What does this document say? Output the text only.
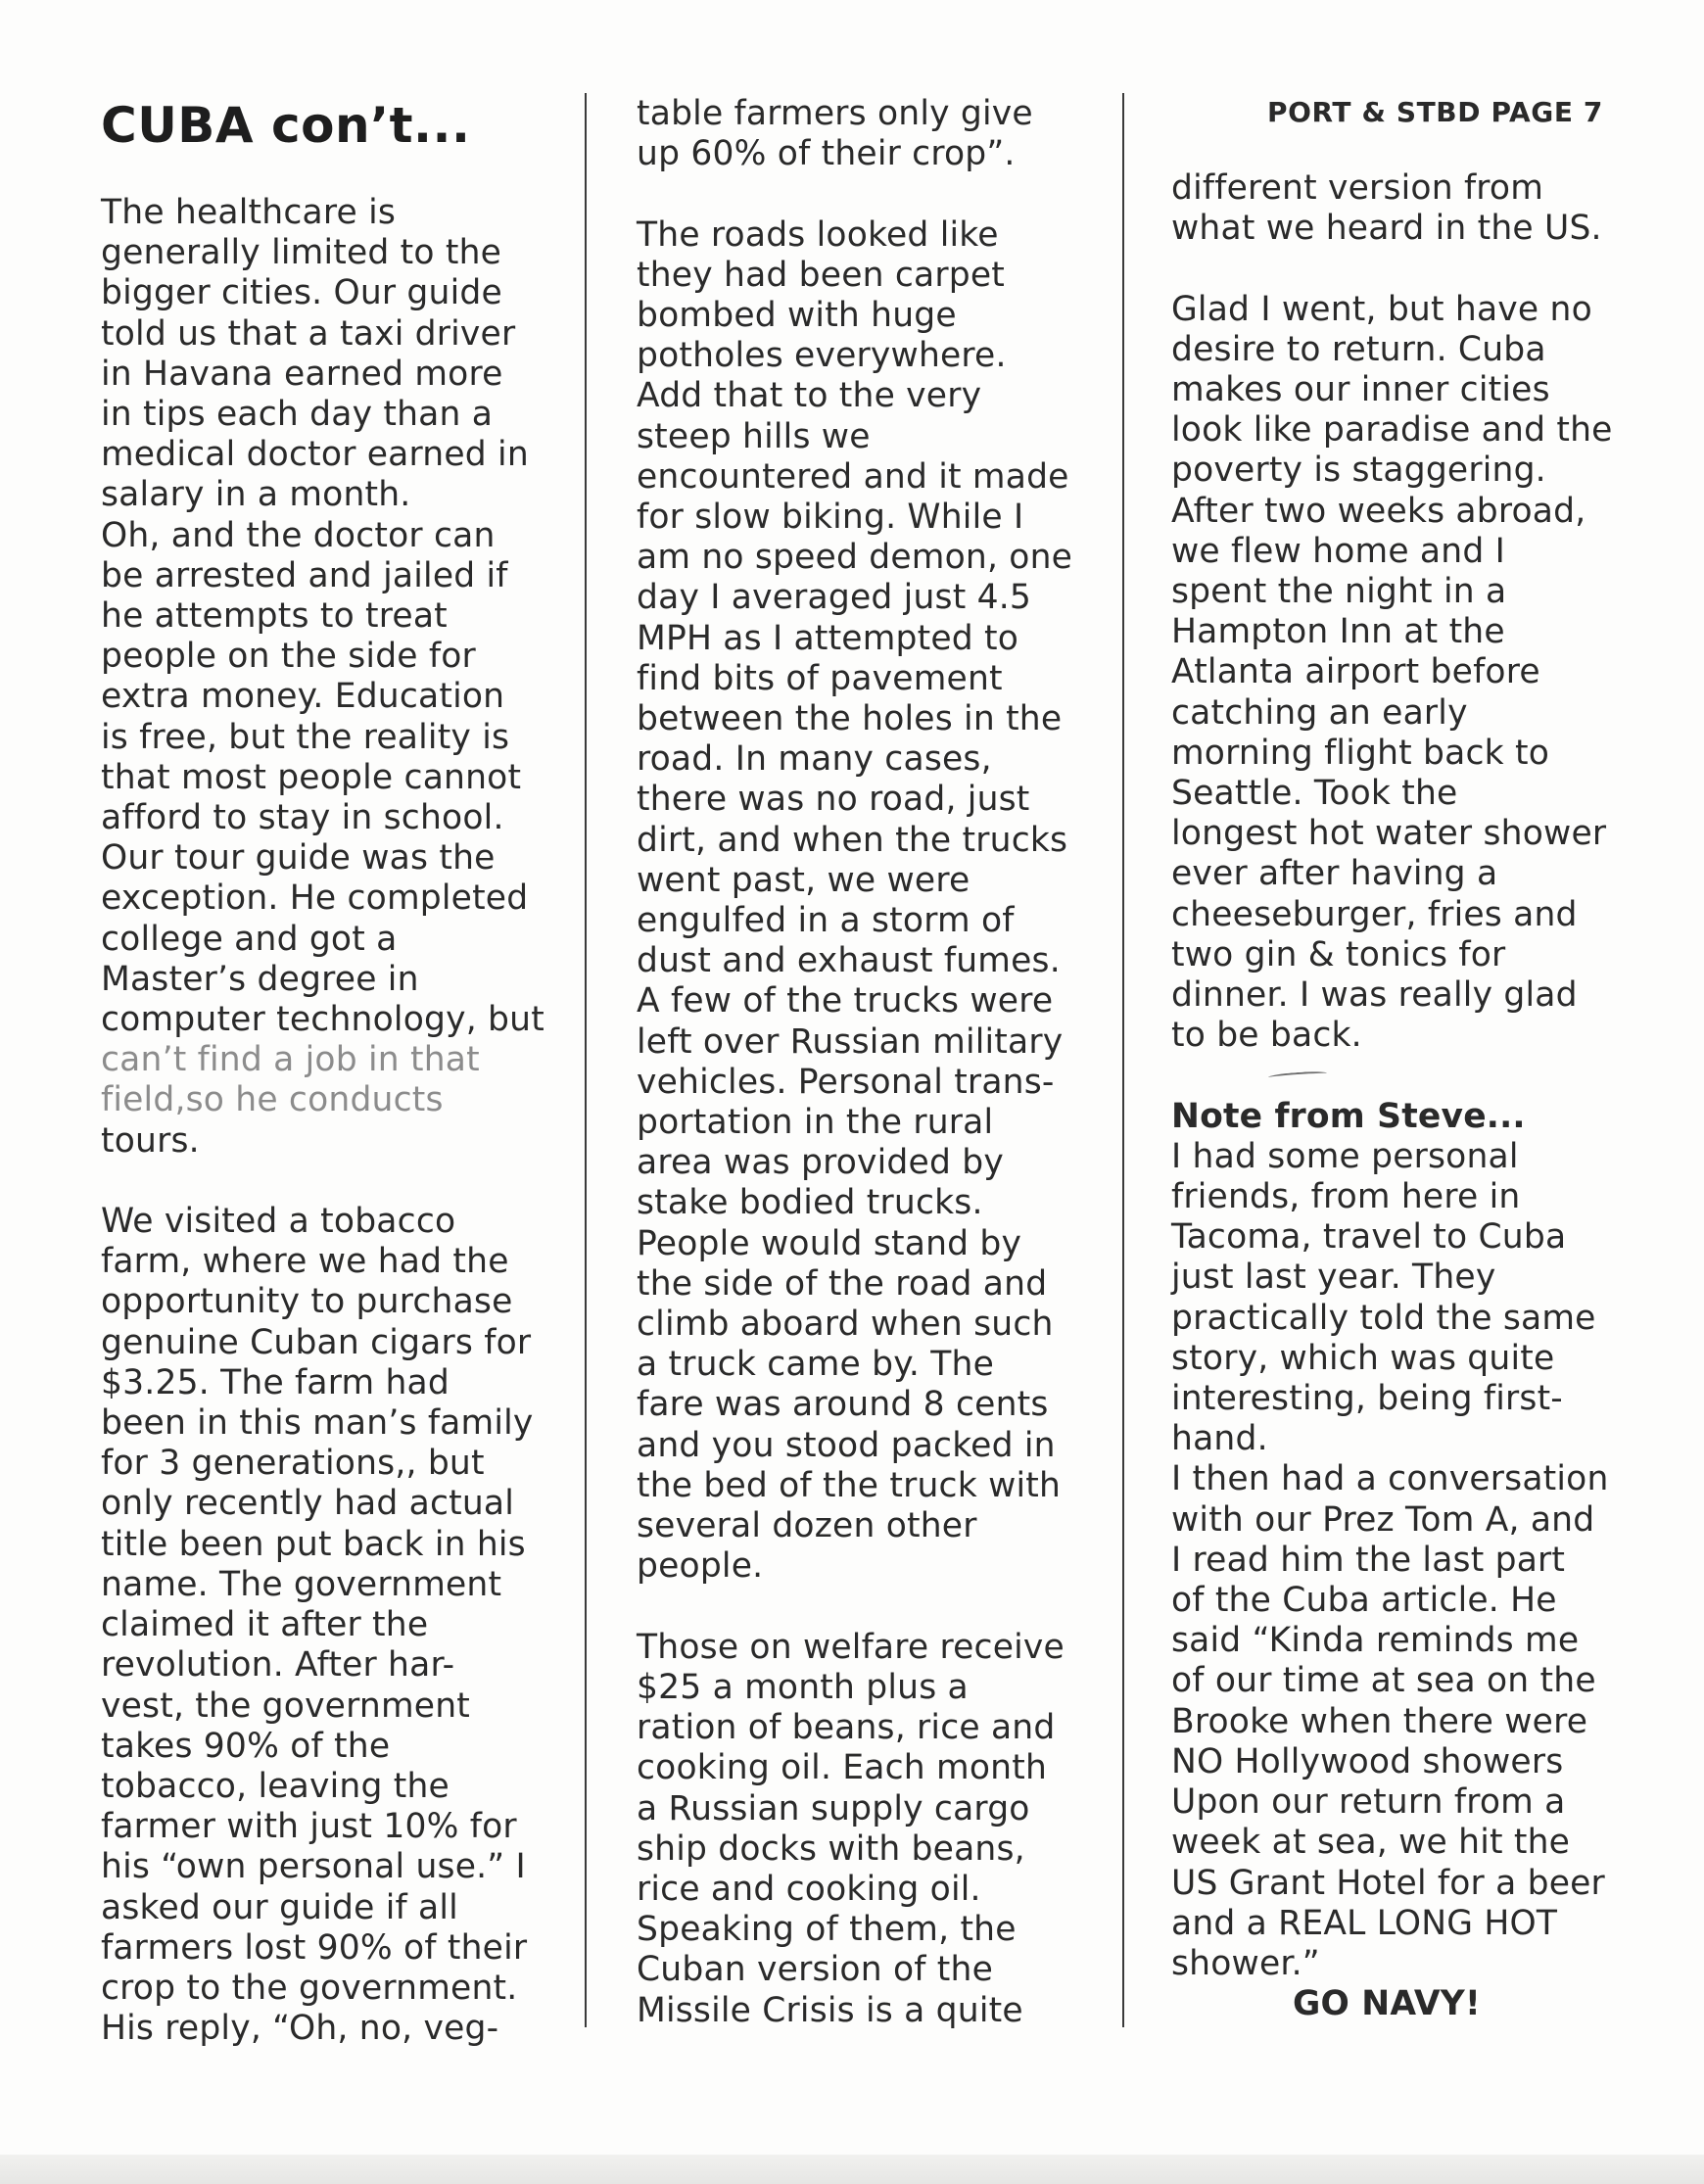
CUBA con’t...	PORT & STBD PAGE 7
The healthcare is
generally limited to the
bigger cities. Our guide
told us that a taxi driver
in Havana earned more
in tips each day than a
medical doctor earned in
salary in a month.
Oh, and the doctor can
be arrested and jailed if
he attempts to treat
people on the side for
extra money. Education
is free, but the reality is
that most people cannot
afford to stay in school.
Our tour guide was the
exception. He completed
college and got a
Master’s degree in
computer technology, but
can’t find a job in that
field,so he conducts
tours.
We visited a tobacco
farm, where we had the
opportunity to purchase
genuine Cuban cigars for
$3.25. The farm had
been in this man’s family
for 3 generations,, but
only recently had actual
title been put back in his
name. The government
claimed it after the
revolution. After har-
vest, the government
takes 90% of the
tobacco, leaving the
farmer with just 10% for
his “own personal use.” I
asked our guide if all
farmers lost 90% of their
crop to the government.
His reply, “Oh, no, veg-
table farmers only give
up 60% of their crop”.
The roads looked like
they had been carpet
bombed with huge
potholes everywhere.
Add that to the very
steep hills we
encountered and it made
for slow biking. While I
am no speed demon, one
day I averaged just 4.5
MPH as I attempted to
find bits of pavement
between the holes in the
road. In many cases,
there was no road, just
dirt, and when the trucks
went past, we were
engulfed in a storm of
dust and exhaust fumes.
A few of the trucks were
left over Russian military
vehicles. Personal trans-
portation in the rural
area was provided by
stake bodied trucks.
People would stand by
the side of the road and
climb aboard when such
a truck came by. The
fare was around 8 cents
and you stood packed in
the bed of the truck with
several dozen other
people.
Those on welfare receive
$25 a month plus a
ration of beans, rice and
cooking oil. Each month
a Russian supply cargo
ship docks with beans,
rice and cooking oil.
Speaking of them, the
Cuban version of the
Missile Crisis is a quite
different version from
what we heard in the US.
Glad I went, but have no
desire to return. Cuba
makes our inner cities
look like paradise and the
poverty is staggering.
After two weeks abroad,
we flew home and I
spent the night in a
Hampton Inn at the
Atlanta airport before
catching an early
morning flight back to
Seattle. Took the
longest hot water shower
ever after having a
cheeseburger, fries and
two gin & tonics for
dinner. I was really glad
to be back.
Note from Steve...
I had some personal
friends, from here in
Tacoma, travel to Cuba
just last year. They
practically told the same
story, which was quite
interesting, being first-
hand.
I then had a conversation
with our Prez Tom A, and
I read him the last part
of the Cuba article. He
said “Kinda reminds me
of our time at sea on the
Brooke when there were
NO Hollywood showers
Upon our return from a
week at sea, we hit the
US Grant Hotel for a beer
and a REAL LONG HOT
shower.”
GO NAVY!
